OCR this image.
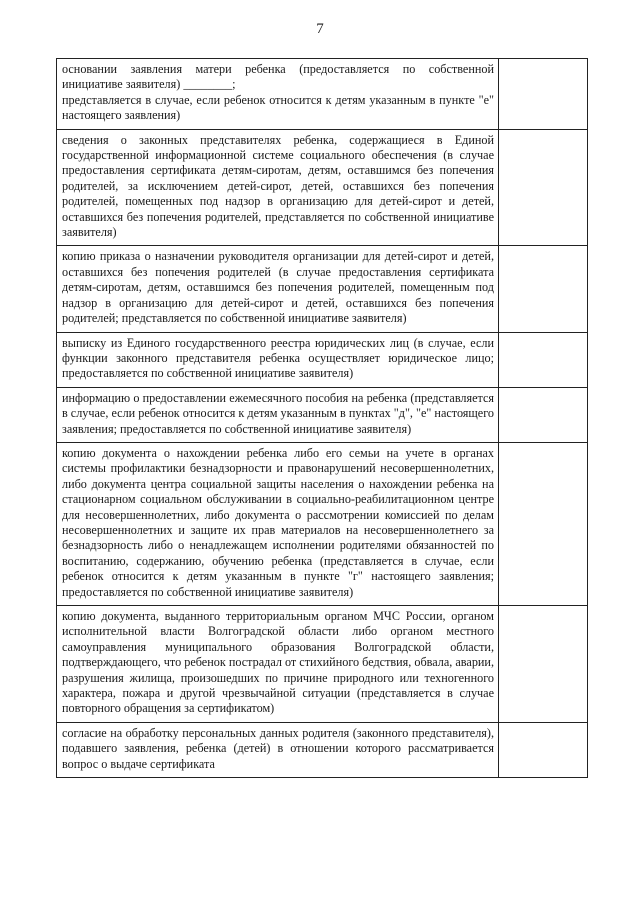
7
основании заявления матери ребенка (предоставляется по собственной инициативе заявителя) ________;
представляется в случае, если ребенок относится к детям указанным в пункте "е" настоящего заявления)	

сведения о законных представителях ребенка, содержащиеся в Единой государственной информационной системе социального обеспечения (в случае предоставления сертификата детям-сиротам, детям, оставшимся без попечения родителей, за исключением детей-сирот, детей, оставшихся без попечения родителей, помещенных под надзор в организацию для детей-сирот и детей, оставшихся без попечения родителей, представляется по собственной инициативе заявителя)	

копию приказа о назначении руководителя организации для детей-сирот и детей, оставшихся без попечения родителей (в случае предоставления сертификата детям-сиротам, детям, оставшимся без попечения родителей, помещенным под надзор в организацию для детей-сирот и детей, оставшихся без попечения родителей; представляется по собственной инициативе заявителя)	

выписку из Единого государственного реестра юридических лиц (в случае, если функции законного представителя ребенка осуществляет юридическое лицо; предоставляется по собственной инициативе заявителя)	

информацию о предоставлении ежемесячного пособия на ребенка (представляется в случае, если ребенок относится к детям указанным в пунктах "д", "е" настоящего заявления; предоставляется по собственной инициативе заявителя)	

копию документа о нахождении ребенка либо его семьи на учете в органах системы профилактики безнадзорности и правонарушений несовершеннолетних, либо документа центра социальной защиты населения о нахождении ребенка на стационарном социальном обслуживании в социально-реабилитационном центре для несовершеннолетних, либо документа о рассмотрении комиссией по делам несовершеннолетних и защите их прав материалов на несовершеннолетнего за безнадзорность либо о ненадлежащем исполнении родителями обязанностей по воспитанию, содержанию, обучению ребенка (представляется в случае, если ребенок относится к детям указанным в пункте "г" настоящего заявления; предоставляется по собственной инициативе заявителя)	

копию документа, выданного территориальным органом МЧС России, органом исполнительной власти Волгоградской области либо органом местного самоуправления муниципального образования Волгоградской области, подтверждающего, что ребенок пострадал от стихийного бедствия, обвала, аварии, разрушения жилища, произошедших по причине природного или техногенного характера, пожара и другой чрезвычайной ситуации (представляется в случае повторного обращения за сертификатом)	

согласие на обработку персональных данных родителя (законного представителя), подавшего заявления, ребенка (детей) в отношении которого рассматривается вопрос о выдаче сертификата	
